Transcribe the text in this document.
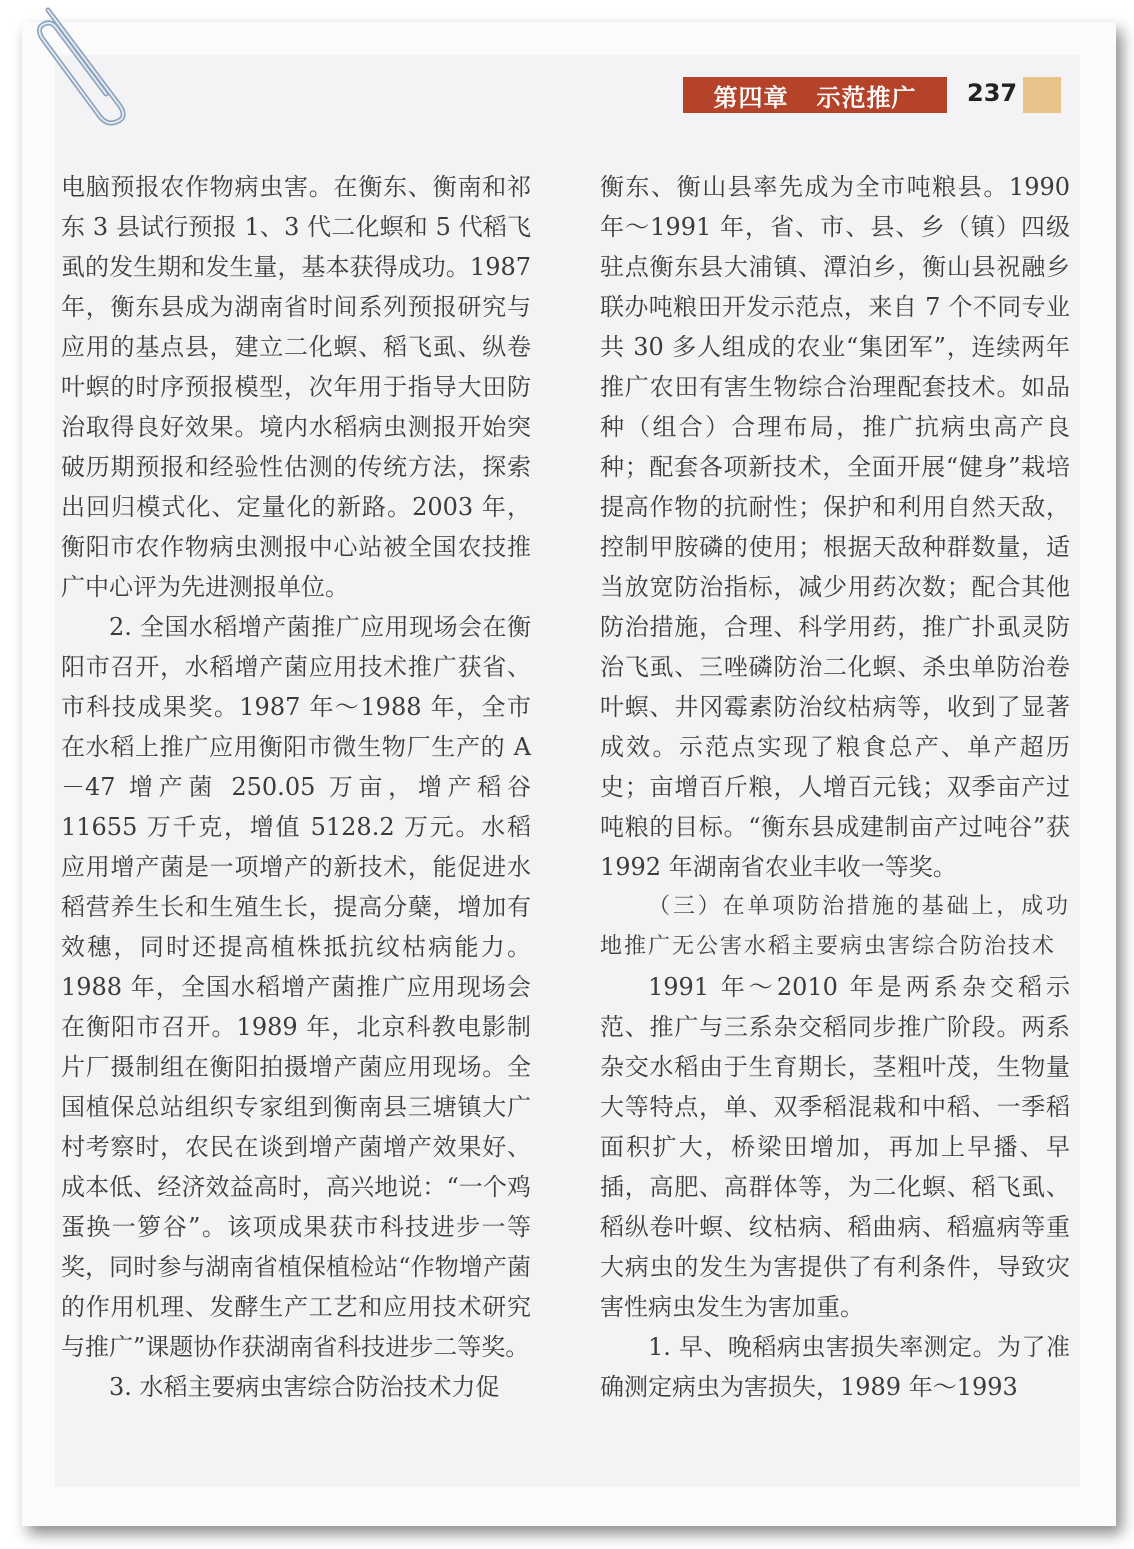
第四章 示范推广 237

电脑预报农作物病虫害。在衡东、衡南和祁东 3 县试行预报 1、3 代二化螟和 5 代稻飞虱的发生期和发生量，基本获得成功。1987 年，衡东县成为湖南省时间系列预报研究与应用的基点县，建立二化螟、稻飞虱、纵卷叶螟的时序预报模型，次年用于指导大田防治取得良好效果。境内水稻病虫测报开始突破历期预报和经验性估测的传统方法，探索出回归模式化、定量化的新路。2003 年，衡阳市农作物病虫测报中心站被全国农技推广中心评为先进测报单位。

2. 全国水稻增产菌推广应用现场会在衡阳市召开，水稻增产菌应用技术推广获省、市科技成果奖。1987 年～1988 年，全市在水稻上推广应用衡阳市微生物厂生产的 A－47 增产菌 250.05 万亩，增产稻谷 11655 万千克，增值 5128.2 万元。水稻应用增产菌是一项增产的新技术，能促进水稻营养生长和生殖生长，提高分蘖，增加有效穗，同时还提高植株抵抗纹枯病能力。1988 年，全国水稻增产菌推广应用现场会在衡阳市召开。1989 年，北京科教电影制片厂摄制组在衡阳拍摄增产菌应用现场。全国植保总站组织专家组到衡南县三塘镇大广村考察时，农民在谈到增产菌增产效果好、成本低、经济效益高时，高兴地说：“一个鸡蛋换一箩谷”。该项成果获市科技进步一等奖，同时参与湖南省植保植检站“作物增产菌的作用机理、发酵生产工艺和应用技术研究与推广”课题协作获湖南省科技进步二等奖。

3. 水稻主要病虫害综合防治技术力促

衡东、衡山县率先成为全市吨粮县。1990 年～1991 年，省、市、县、乡（镇）四级驻点衡东县大浦镇、潭泊乡，衡山县祝融乡联办吨粮田开发示范点，来自 7 个不同专业共 30 多人组成的农业“集团军”，连续两年推广农田有害生物综合治理配套技术。如品种（组合）合理布局，推广抗病虫高产良种；配套各项新技术，全面开展“健身”栽培提高作物的抗耐性；保护和利用自然天敌，控制甲胺磷的使用；根据天敌种群数量，适当放宽防治指标，减少用药次数；配合其他防治措施，合理、科学用药，推广扑虱灵防治飞虱、三唑磷防治二化螟、杀虫单防治卷叶螟、井冈霉素防治纹枯病等，收到了显著成效。示范点实现了粮食总产、单产超历史；亩增百斤粮，人增百元钱；双季亩产过吨粮的目标。“衡东县成建制亩产过吨谷”获 1992 年湖南省农业丰收一等奖。

（三）在单项防治措施的基础上，成功地推广无公害水稻主要病虫害综合防治技术

1991 年～2010 年是两系杂交稻示范、推广与三系杂交稻同步推广阶段。两系杂交水稻由于生育期长，茎粗叶茂，生物量大等特点，单、双季稻混栽和中稻、一季稻面积扩大，桥梁田增加，再加上早播、早插，高肥、高群体等，为二化螟、稻飞虱、稻纵卷叶螟、纹枯病、稻曲病、稻瘟病等重大病虫的发生为害提供了有利条件，导致灾害性病虫发生为害加重。

1. 早、晚稻病虫害损失率测定。为了准确测定病虫为害损失，1989 年～1993
